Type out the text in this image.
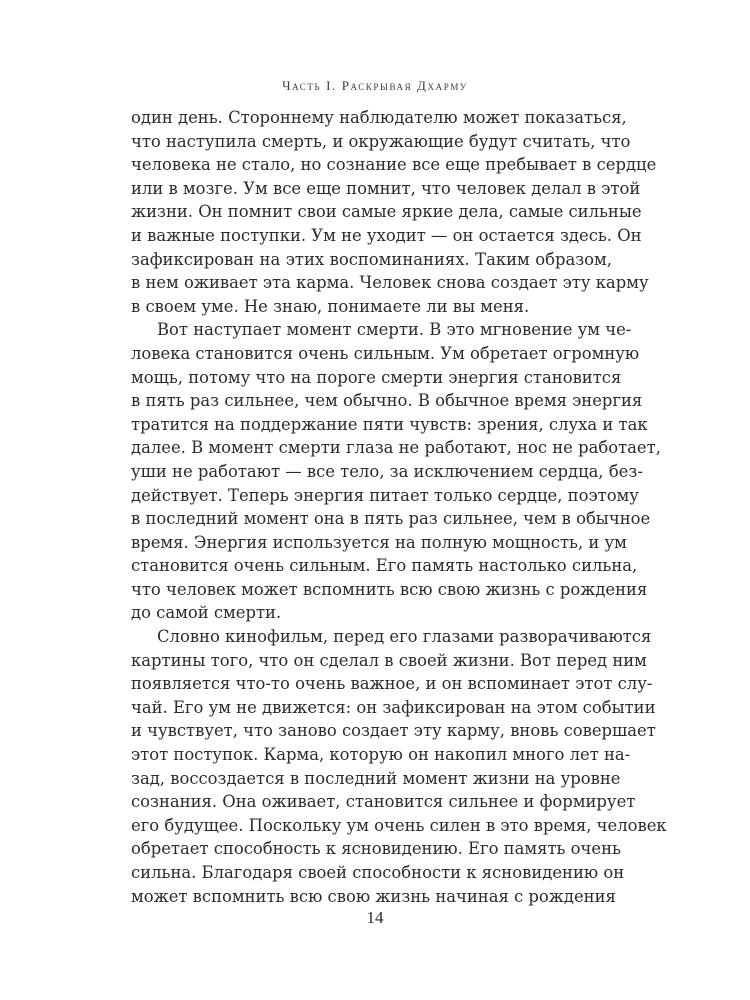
Часть I. Раскрывая Дхарму
один день. Стороннему наблюдателю может показаться,
что наступила смерть, и окружающие будут считать, что
человека не стало, но сознание все еще пребывает в сердце
или в мозге. Ум все еще помнит, что человек делал в этой
жизни. Он помнит свои самые яркие дела, самые сильные
и важные поступки. Ум не уходит — он остается здесь. Он
зафиксирован на этих воспоминаниях. Таким образом,
в нем оживает эта карма. Человек снова создает эту карму
в своем уме. Не знаю, понимаете ли вы меня.
Вот наступает момент смерти. В это мгновение ум че-
ловека становится очень сильным. Ум обретает огромную
мощь, потому что на пороге смерти энергия становится
в пять раз сильнее, чем обычно. В обычное время энергия
тратится на поддержание пяти чувств: зрения, слуха и так
далее. В момент смерти глаза не работают, нос не работает,
уши не работают — все тело, за исключением сердца, без-
действует. Теперь энергия питает только сердце, поэтому
в последний момент она в пять раз сильнее, чем в обычное
время. Энергия используется на полную мощность, и ум
становится очень сильным. Его память настолько сильна,
что человек может вспомнить всю свою жизнь с рождения
до самой смерти.
Словно кинофильм, перед его глазами разворачиваются
картины того, что он сделал в своей жизни. Вот перед ним
появляется что-то очень важное, и он вспоминает этот слу-
чай. Его ум не движется: он зафиксирован на этом событии
и чувствует, что заново создает эту карму, вновь совершает
этот поступок. Карма, которую он накопил много лет на-
зад, воссоздается в последний момент жизни на уровне
сознания. Она оживает, становится сильнее и формирует
его будущее. Поскольку ум очень силен в это время, человек
обретает способность к ясновидению. Его память очень
сильна. Благодаря своей способности к ясновидению он
может вспомнить всю свою жизнь начиная с рождения
14
